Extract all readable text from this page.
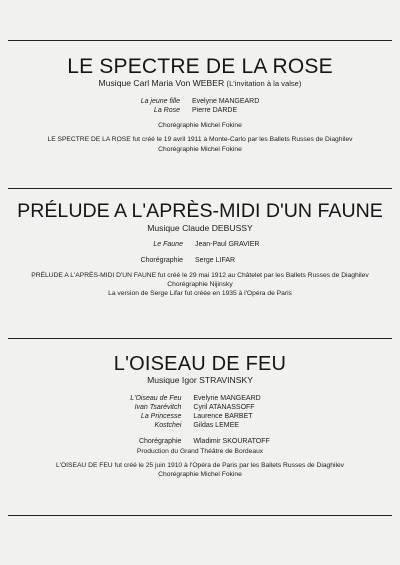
LE SPECTRE DE LA ROSE
Musique Carl Maria Von WEBER (L'invitation à la valse)
La jeune fille	Evelyne MANGEARD
La Rose	Pierre DARDE
Chorégraphie Michel Fokine
LE SPECTRE DE LA ROSE fut créé le 19 avril 1911 à Monte-Carlo par les Ballets Russes de Diaghilev
Chorégraphie Michel Fokine
PRÉLUDE A L'APRÈS-MIDI D'UN FAUNE
Musique Claude DEBUSSY
Le Faune	Jean-Paul GRAVIER

Chorégraphie	Serge LIFAR
PRÉLUDE A L'APRÈS-MIDI D'UN FAUNE fut créé le 29 mai 1912 au Châtelet par les Ballets Russes de Diaghilev
Chorégraphie Nijinsky
La version de Serge Lifar fut créée en 1935 à l'Opéra de Paris
L'OISEAU DE FEU
Musique Igor STRAVINSKY
L'Oiseau de Feu	Evelyne MANGEARD
Ivan Tsarévitch	Cyril ATANASSOFF
La Princesse	Laurence BARBET
Kostchei	Gildas LEMEE

Chorégraphie	Wladimir SKOURATOFF
Production du Grand Théâtre de Bordeaux
L'OISEAU DE FEU fut créé le 25 juin 1910 à l'Opéra de Paris par les Ballets Russes de Diaghilev
Chorégraphie Michel Fokine
